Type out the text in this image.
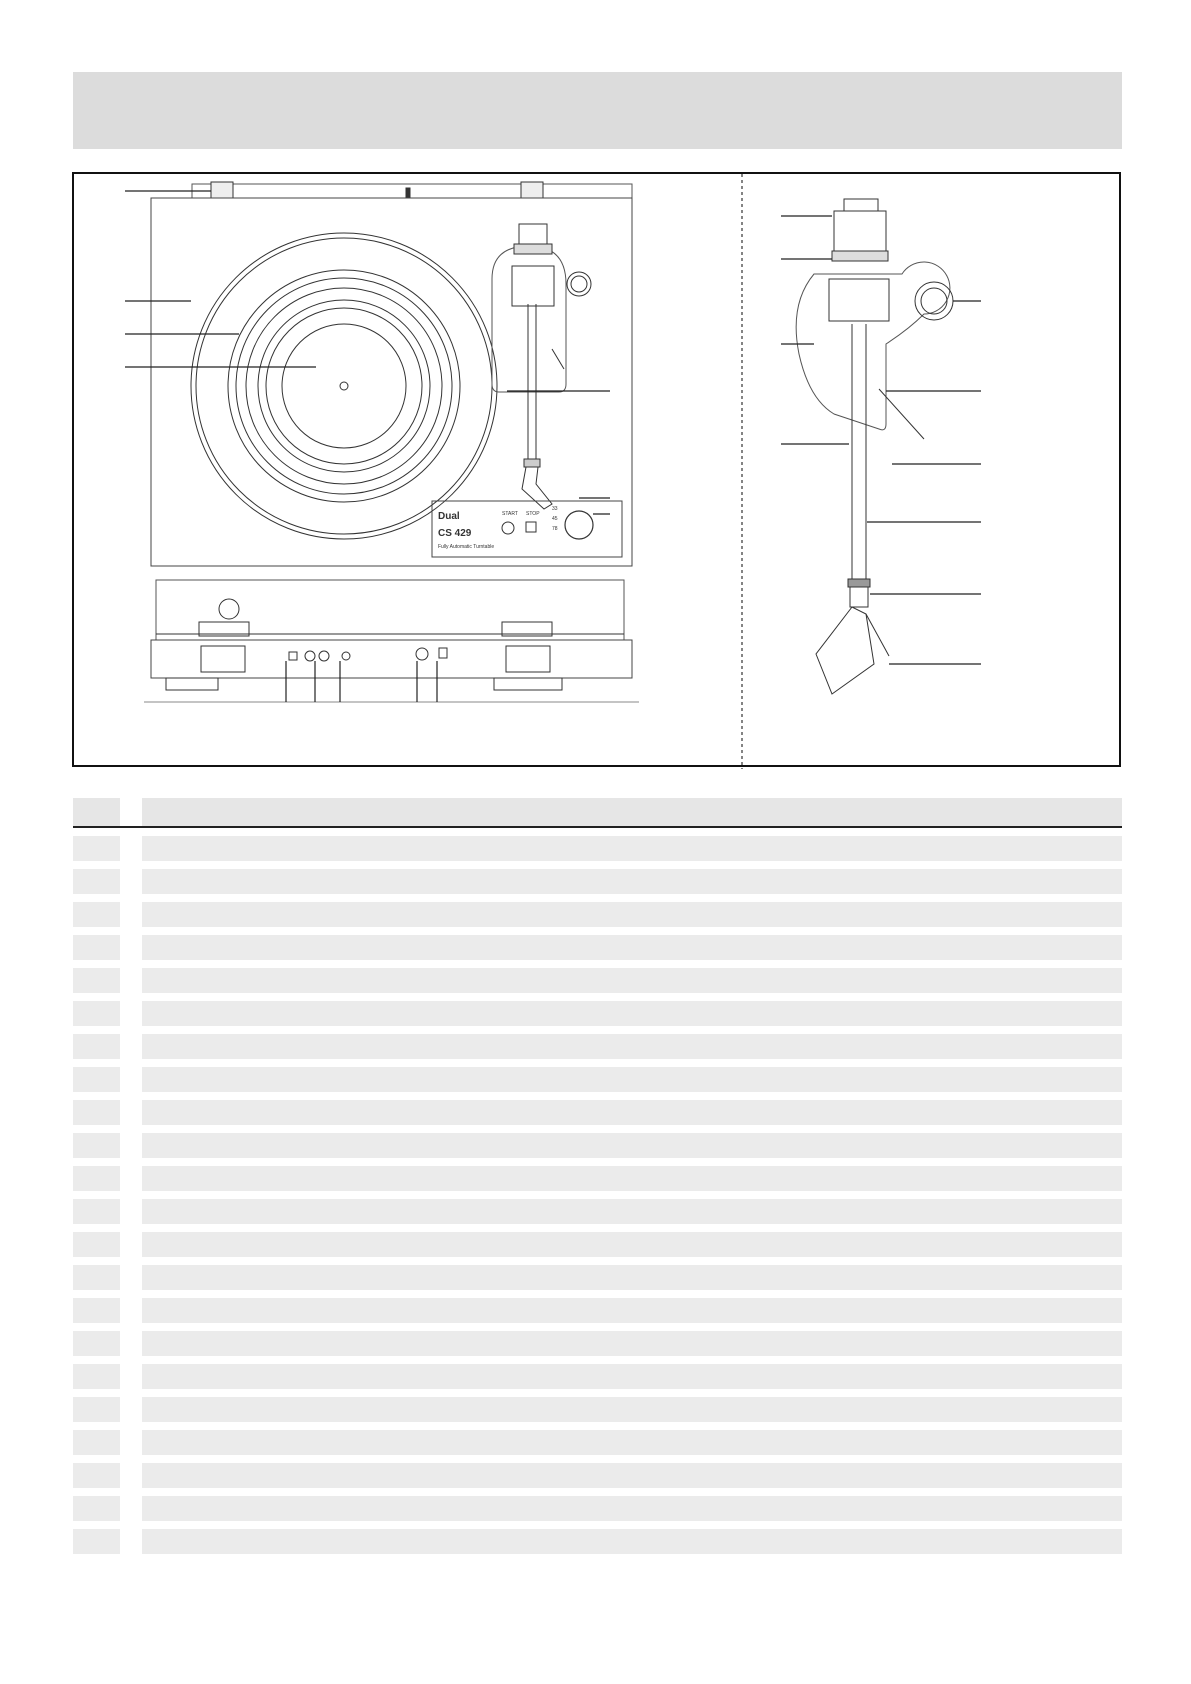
Dual
CS 429
Fully Automatic Turntable
START STOP
33
45
78
